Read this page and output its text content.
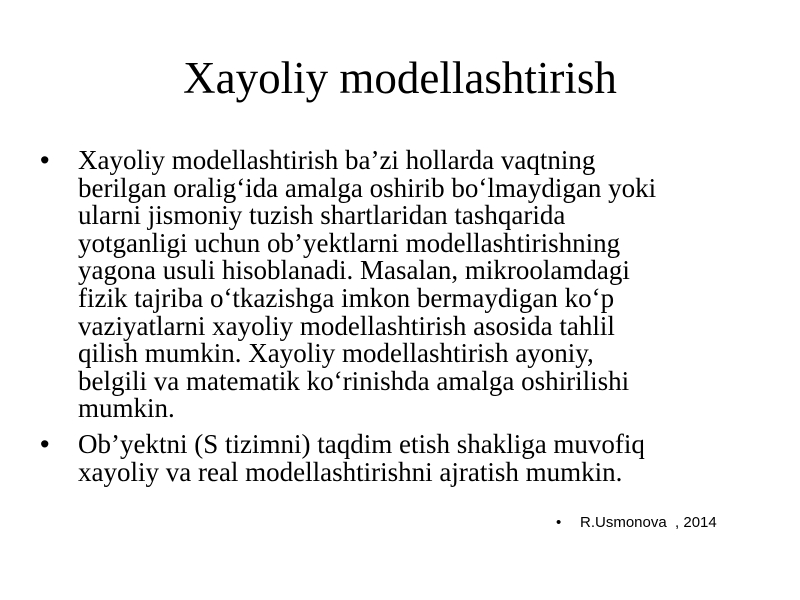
Xayoliy modellashtirish
• Xayoliy modellashtirish ba’zi hollarda vaqtning
berilgan oralig‘ida amalga oshirib bo‘lmaydigan yoki
ularni jismoniy tuzish shartlaridan tashqarida
yotganligi uchun ob’yektlarni modellashtirishning
yagona usuli hisoblanadi. Masalan, mikroolamdagi
fizik tajriba o‘tkazishga imkon bermaydigan ko‘p
vaziyatlarni xayoliy modellashtirish asosida tahlil
qilish mumkin. Xayoliy modellashtirish ayoniy,
belgili va matematik ko‘rinishda amalga oshirilishi
mumkin.
• Ob’yektni (S tizimni) taqdim etish shakliga muvofiq
xayoliy va real modellashtirishni ajratish mumkin.
• R.Usmonova  , 2014
